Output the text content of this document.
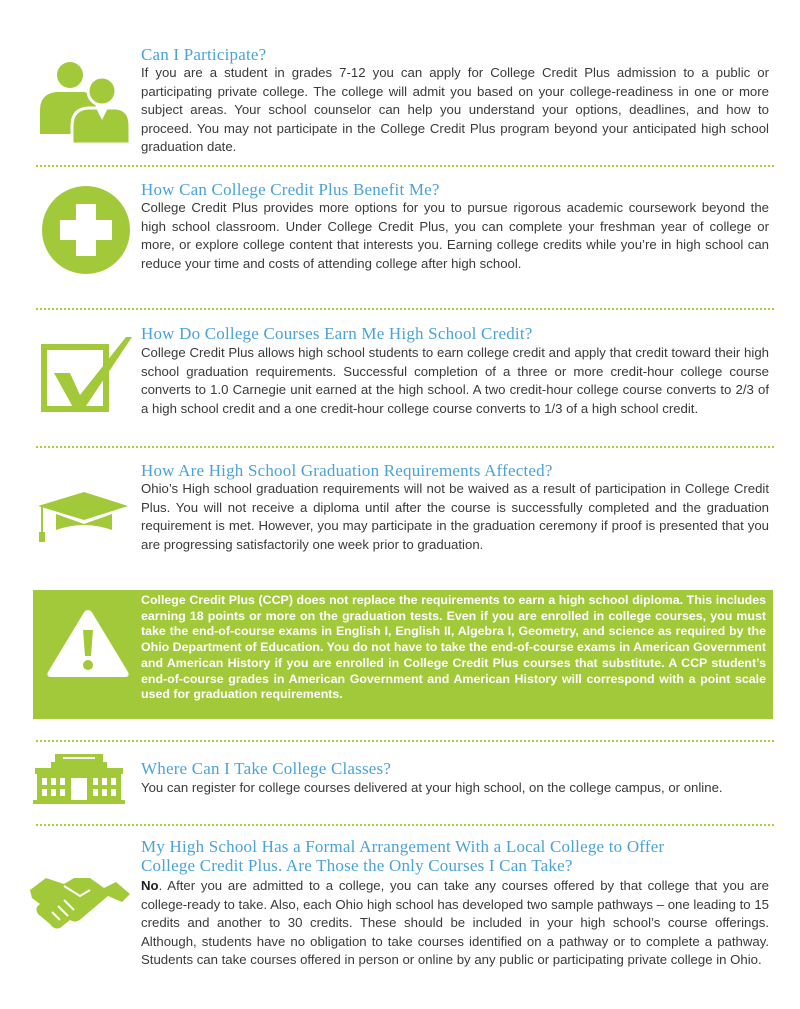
Can I Participate?

If you are a student in grades 7-12 you can apply for College Credit Plus admission to a public or participating private college. The college will admit you based on your college-readiness in one or more subject areas. Your school counselor can help you understand your options, deadlines, and how to proceed. You may not participate in the College Credit Plus program beyond your anticipated high school graduation date.

How Can College Credit Plus Benefit Me?

College Credit Plus provides more options for you to pursue rigorous academic coursework beyond the high school classroom. Under College Credit Plus, you can complete your freshman year of college or more, or explore college content that interests you. Earning college credits while you’re in high school can reduce your time and costs of attending college after high school.

How Do College Courses Earn Me High School Credit?

College Credit Plus allows high school students to earn college credit and apply that credit toward their high school graduation requirements. Successful completion of a three or more credit-hour college course converts to 1.0 Carnegie unit earned at the high school. A two credit-hour college course converts to 2/3 of a high school credit and a one credit-hour college course converts to 1/3 of a high school credit.

How Are High School Graduation Requirements Affected?

Ohio’s High school graduation requirements will not be waived as a result of participation in College Credit Plus. You will not receive a diploma until after the course is successfully completed and the graduation requirement is met. However, you may participate in the graduation ceremony if proof is presented that you are progressing satisfactorily one week prior to graduation.

College Credit Plus (CCP) does not replace the requirements to earn a high school diploma. This includes earning 18 points or more on the graduation tests. Even if you are enrolled in college courses, you must take the end-of-course exams in English I, English II, Algebra I, Geometry, and science as required by the Ohio Department of Education. You do not have to take the end-of-course exams in American Government and American History if you are enrolled in College Credit Plus courses that substitute. A CCP student’s end-of-course grades in American Government and American History will correspond with a point scale used for graduation requirements.

Where Can I Take College Classes?

You can register for college courses delivered at your high school, on the college campus, or online.

My High School Has a Formal Arrangement With a Local College to Offer
College Credit Plus. Are Those the Only Courses I Can Take?

No. After you are admitted to a college, you can take any courses offered by that college that you are college-ready to take. Also, each Ohio high school has developed two sample pathways – one leading to 15 credits and another to 30 credits. These should be included in your high school’s course offerings. Although, students have no obligation to take courses identified on a pathway or to complete a pathway. Students can take courses offered in person or online by any public or participating private college in Ohio.
